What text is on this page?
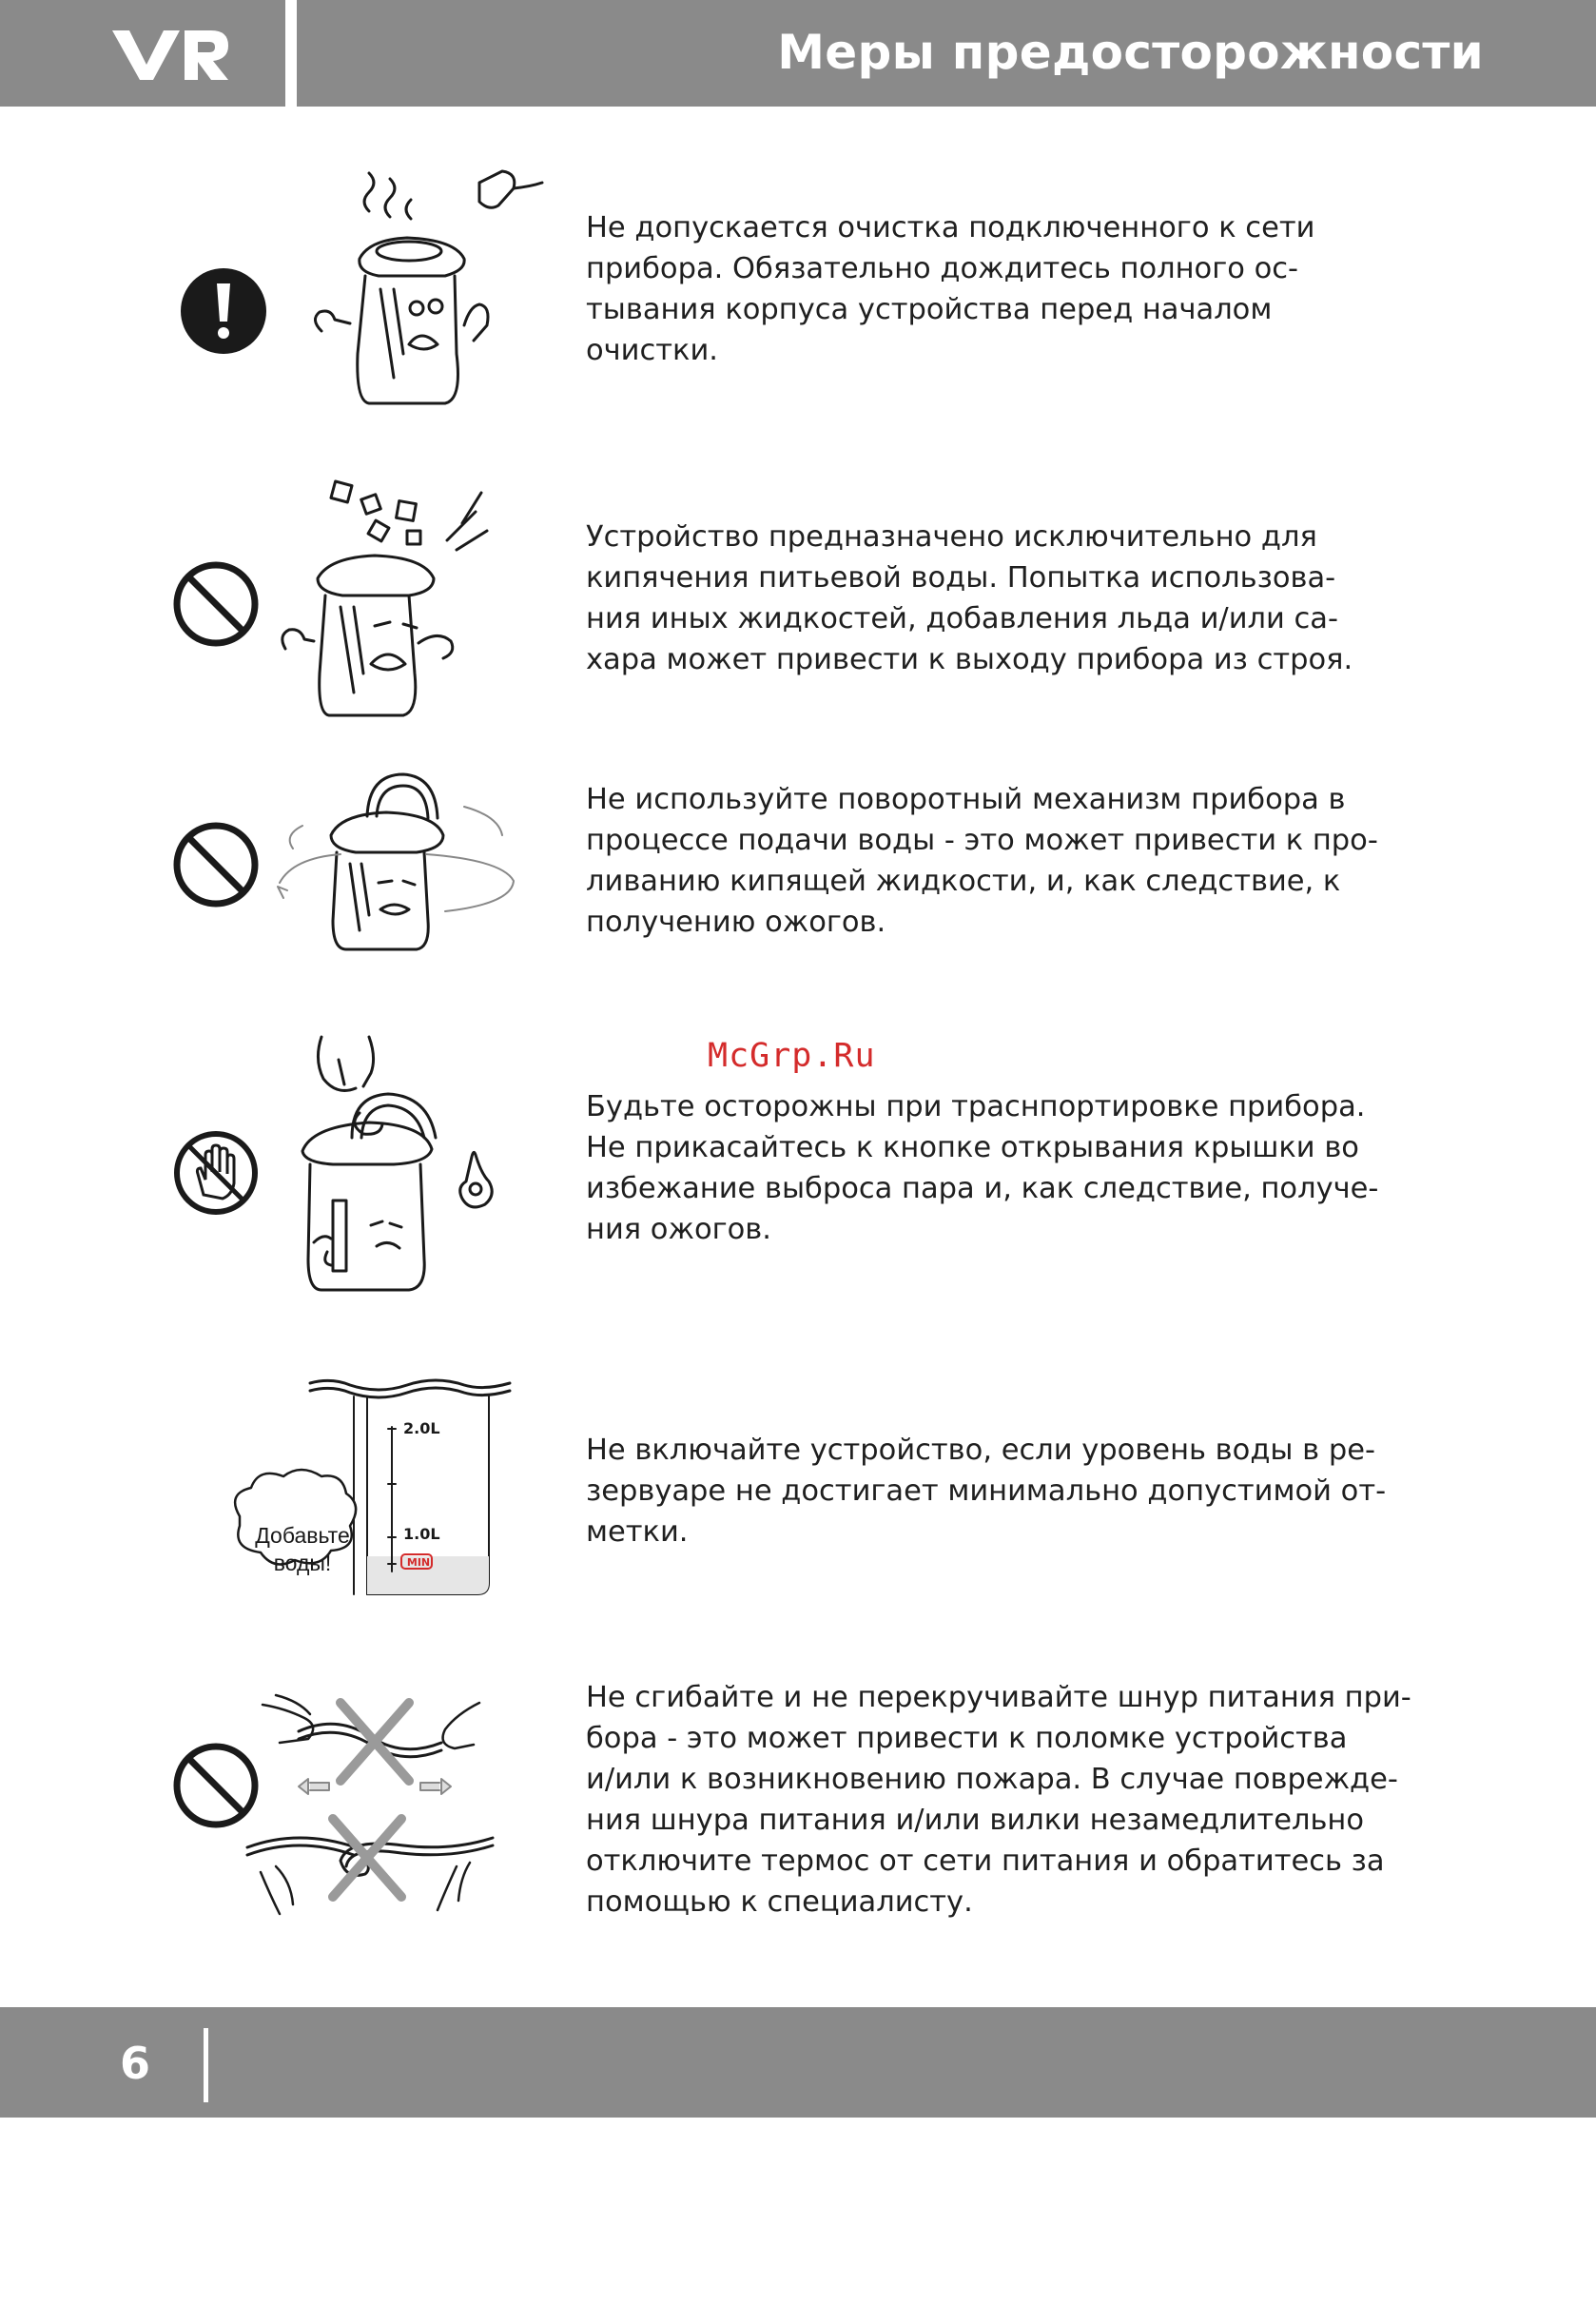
Меры предосторожности
Не допускается очистка подключенного к сети
прибора. Обязательно дождитесь полного ос-
тывания корпуса устройства перед началом
очистки.
Устройство предназначено исключительно для
кипячения питьевой воды. Попытка использова-
ния иных жидкостей, добавления льда и/или са-
хара может привести к выходу прибора из строя.
Не используйте поворотный механизм прибора в
процессе подачи воды - это может привести к про-
ливанию кипящей жидкости, и, как следствие, к
получению ожогов.
McGrp.Ru
Будьте осторожны при траснпортировке прибора.
Не прикасайтесь к кнопке открывания крышки во
избежание выброса пара и, как следствие, получе-
ния ожогов.
2.0L
1.0L
MIN
Добавьте
воды!
Не включайте устройство, если уровень воды в ре-
зервуаре не достигает минимально допустимой от-
метки.
Не сгибайте и не перекручивайте шнур питания при-
бора - это может привести к поломке устройства
и/или к возникновению пожара. В случае поврежде-
ния шнура питания и/или вилки незамедлительно
отключите термос от сети питания и обратитесь за
помощью к специалисту.
6
